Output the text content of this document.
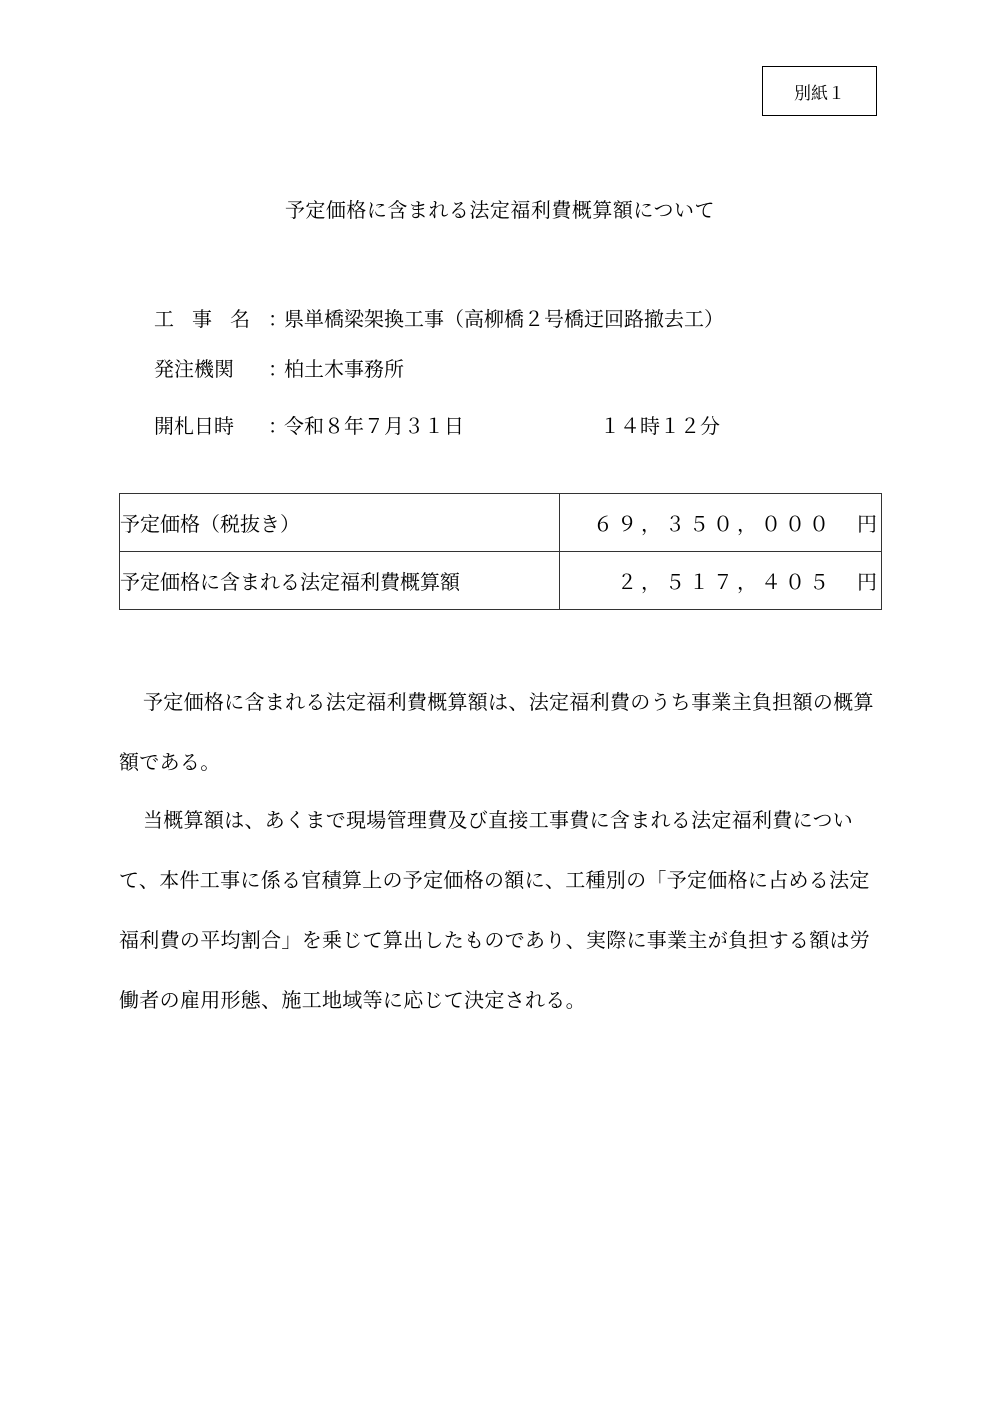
別紙１
予定価格に含まれる法定福利費概算額について
工事名：県単橋梁架換工事（高柳橋２号橋迂回路撤去工）
発注機関 ：柏土木事務所
開札日時 ：令和８年７月３１日	１４時１２分
予定価格（税抜き）	６９，３５０，０００　円
予定価格に含まれる法定福利費概算額	２，５１７，４０５　円
予定価格に含まれる法定福利費概算額は、法定福利費のうち事業主負担額の概算額である。
当概算額は、あくまで現場管理費及び直接工事費に含まれる法定福利費について、本件工事に係る官積算上の予定価格の額に、工種別の「予定価格に占める法定福利費の平均割合」を乗じて算出したものであり、実際に事業主が負担する額は労働者の雇用形態、施工地域等に応じて決定される。
